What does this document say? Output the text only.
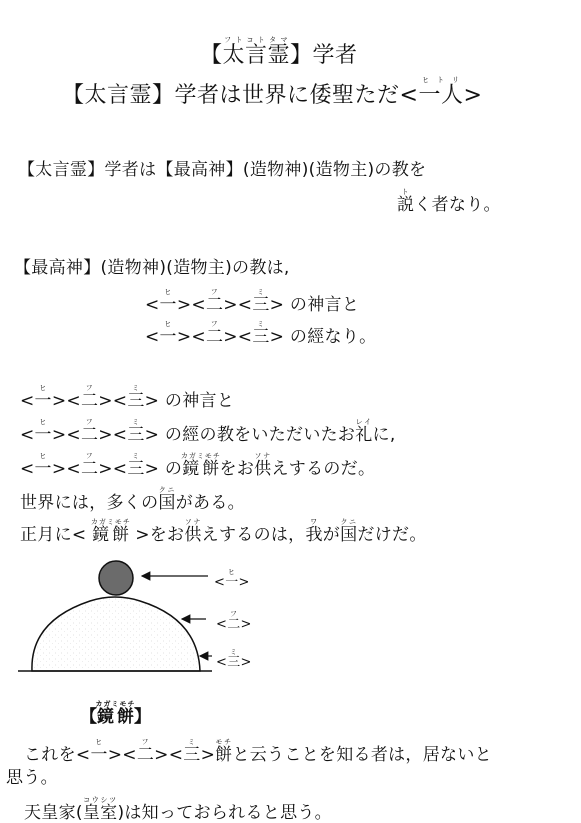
【太言霊フトコトタマ】学者
【太言霊】学者は世界に倭聖ただ<一人ヒトリ>
【太言霊】学者は【最高神】(造物神)(造物主)の教を
説トく者なり。
【最高神】(造物神)(造物主)の教は,
<一ヒ><二フ><三ミ> の神言と
<一ヒ><二フ><三ミ> の經なり。
<一ヒ><二フ><三ミ> の神言と
<一ヒ><二フ><三ミ> の經の教をいただいたお礼レイに,
<一ヒ><二フ><三ミ> の鏡餅カガミモチをお供ソナえするのだ。
世界には，多くの国クニがある。
正月に< 鏡餅カガミモチ >をお供ソナえするのは，我ワが国クニだけだ。
<一ヒ>
<二フ>
<三ミ>
【鏡餅カガミモチ】
これを<一ヒ><二フ><三ミ>餅モチと云うことを知る者は，居ないと
思う。
天皇家(皇室コウシツ)は知っておられると思う。
